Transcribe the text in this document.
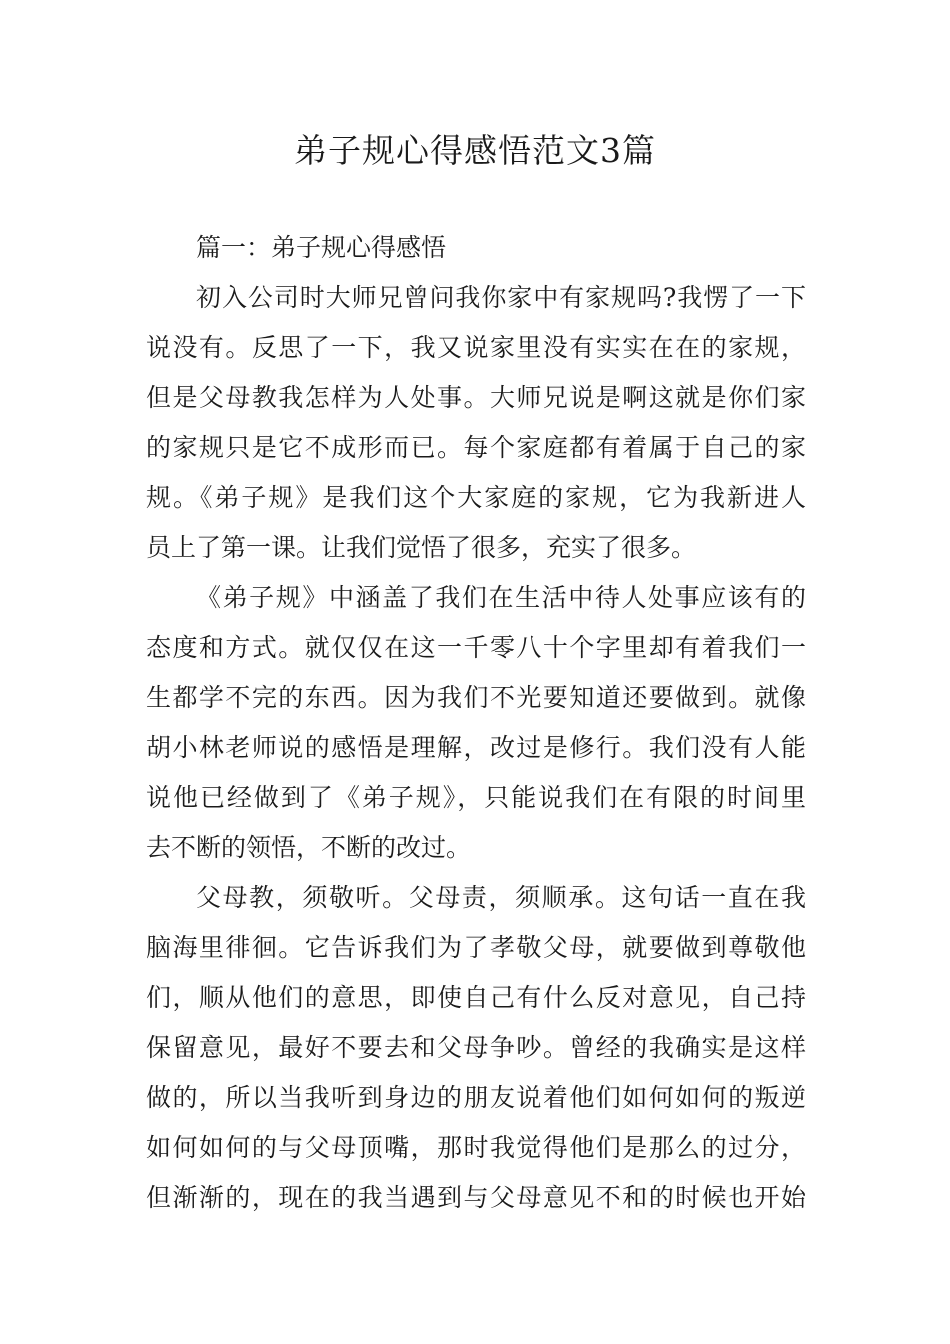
弟子规心得感悟范文3篇
篇一：弟子规心得感悟
初入公司时大师兄曾问我你家中有家规吗?我愣了一下
说没有。反思了一下，我又说家里没有实实在在的家规，
但是父母教我怎样为人处事。大师兄说是啊这就是你们家
的家规只是它不成形而已。每个家庭都有着属于自己的家
规。《弟子规》是我们这个大家庭的家规，它为我新进人
员上了第一课。让我们觉悟了很多，充实了很多。
《弟子规》中涵盖了我们在生活中待人处事应该有的
态度和方式。就仅仅在这一千零八十个字里却有着我们一
生都学不完的东西。因为我们不光要知道还要做到。就像
胡小林老师说的感悟是理解，改过是修行。我们没有人能
说他已经做到了《弟子规》，只能说我们在有限的时间里
去不断的领悟，不断的改过。
父母教，须敬听。父母责，须顺承。这句话一直在我
脑海里徘徊。它告诉我们为了孝敬父母，就要做到尊敬他
们，顺从他们的意思，即使自己有什么反对意见，自己持
保留意见，最好不要去和父母争吵。曾经的我确实是这样
做的，所以当我听到身边的朋友说着他们如何如何的叛逆
如何如何的与父母顶嘴，那时我觉得他们是那么的过分，
但渐渐的，现在的我当遇到与父母意见不和的时候也开始
